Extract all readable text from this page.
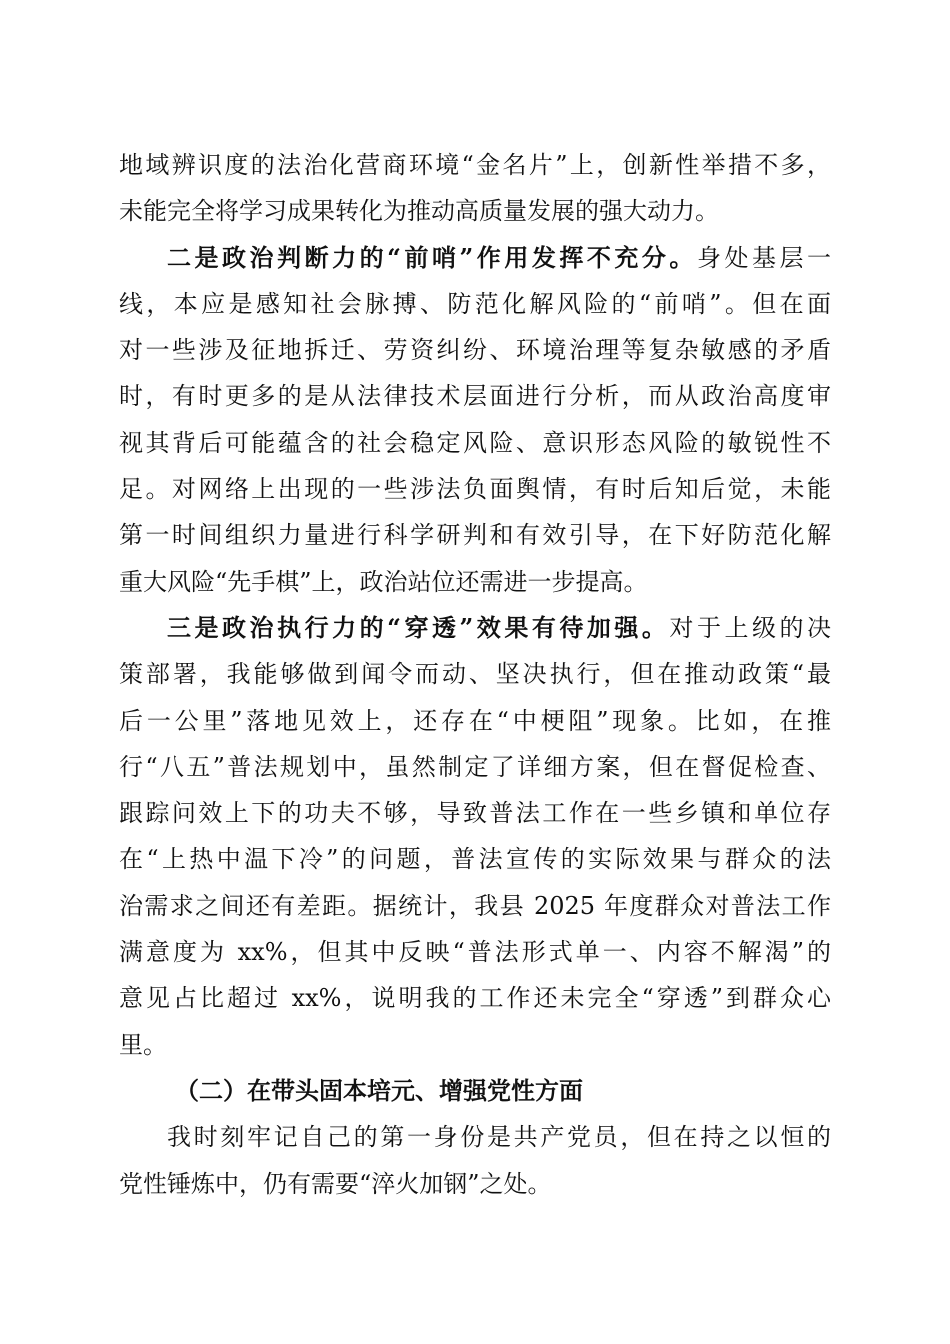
地域辨识度的法治化营商环境“金名片”上，创新性举措不多，
未能完全将学习成果转化为推动高质量发展的强大动力。
二是政治判断力的“前哨”作用发挥不充分。身处基层一
线，本应是感知社会脉搏、防范化解风险的“前哨”。但在面
对一些涉及征地拆迁、劳资纠纷、环境治理等复杂敏感的矛盾
时，有时更多的是从法律技术层面进行分析，而从政治高度审
视其背后可能蕴含的社会稳定风险、意识形态风险的敏锐性不
足。对网络上出现的一些涉法负面舆情，有时后知后觉，未能
第一时间组织力量进行科学研判和有效引导，在下好防范化解
重大风险“先手棋”上，政治站位还需进一步提高。
三是政治执行力的“穿透”效果有待加强。对于上级的决
策部署，我能够做到闻令而动、坚决执行，但在推动政策“最
后一公里”落地见效上，还存在“中梗阻”现象。比如，在推
行“八五”普法规划中，虽然制定了详细方案，但在督促检查、
跟踪问效上下的功夫不够，导致普法工作在一些乡镇和单位存
在“上热中温下冷”的问题，普法宣传的实际效果与群众的法
治需求之间还有差距。据统计，我县 2025 年度群众对普法工作
满意度为 xx%，但其中反映“普法形式单一、内容不解渴”的
意见占比超过 xx%，说明我的工作还未完全“穿透”到群众心
里。
（二）在带头固本培元、增强党性方面
我时刻牢记自己的第一身份是共产党员，但在持之以恒的
党性锤炼中，仍有需要“淬火加钢”之处。
